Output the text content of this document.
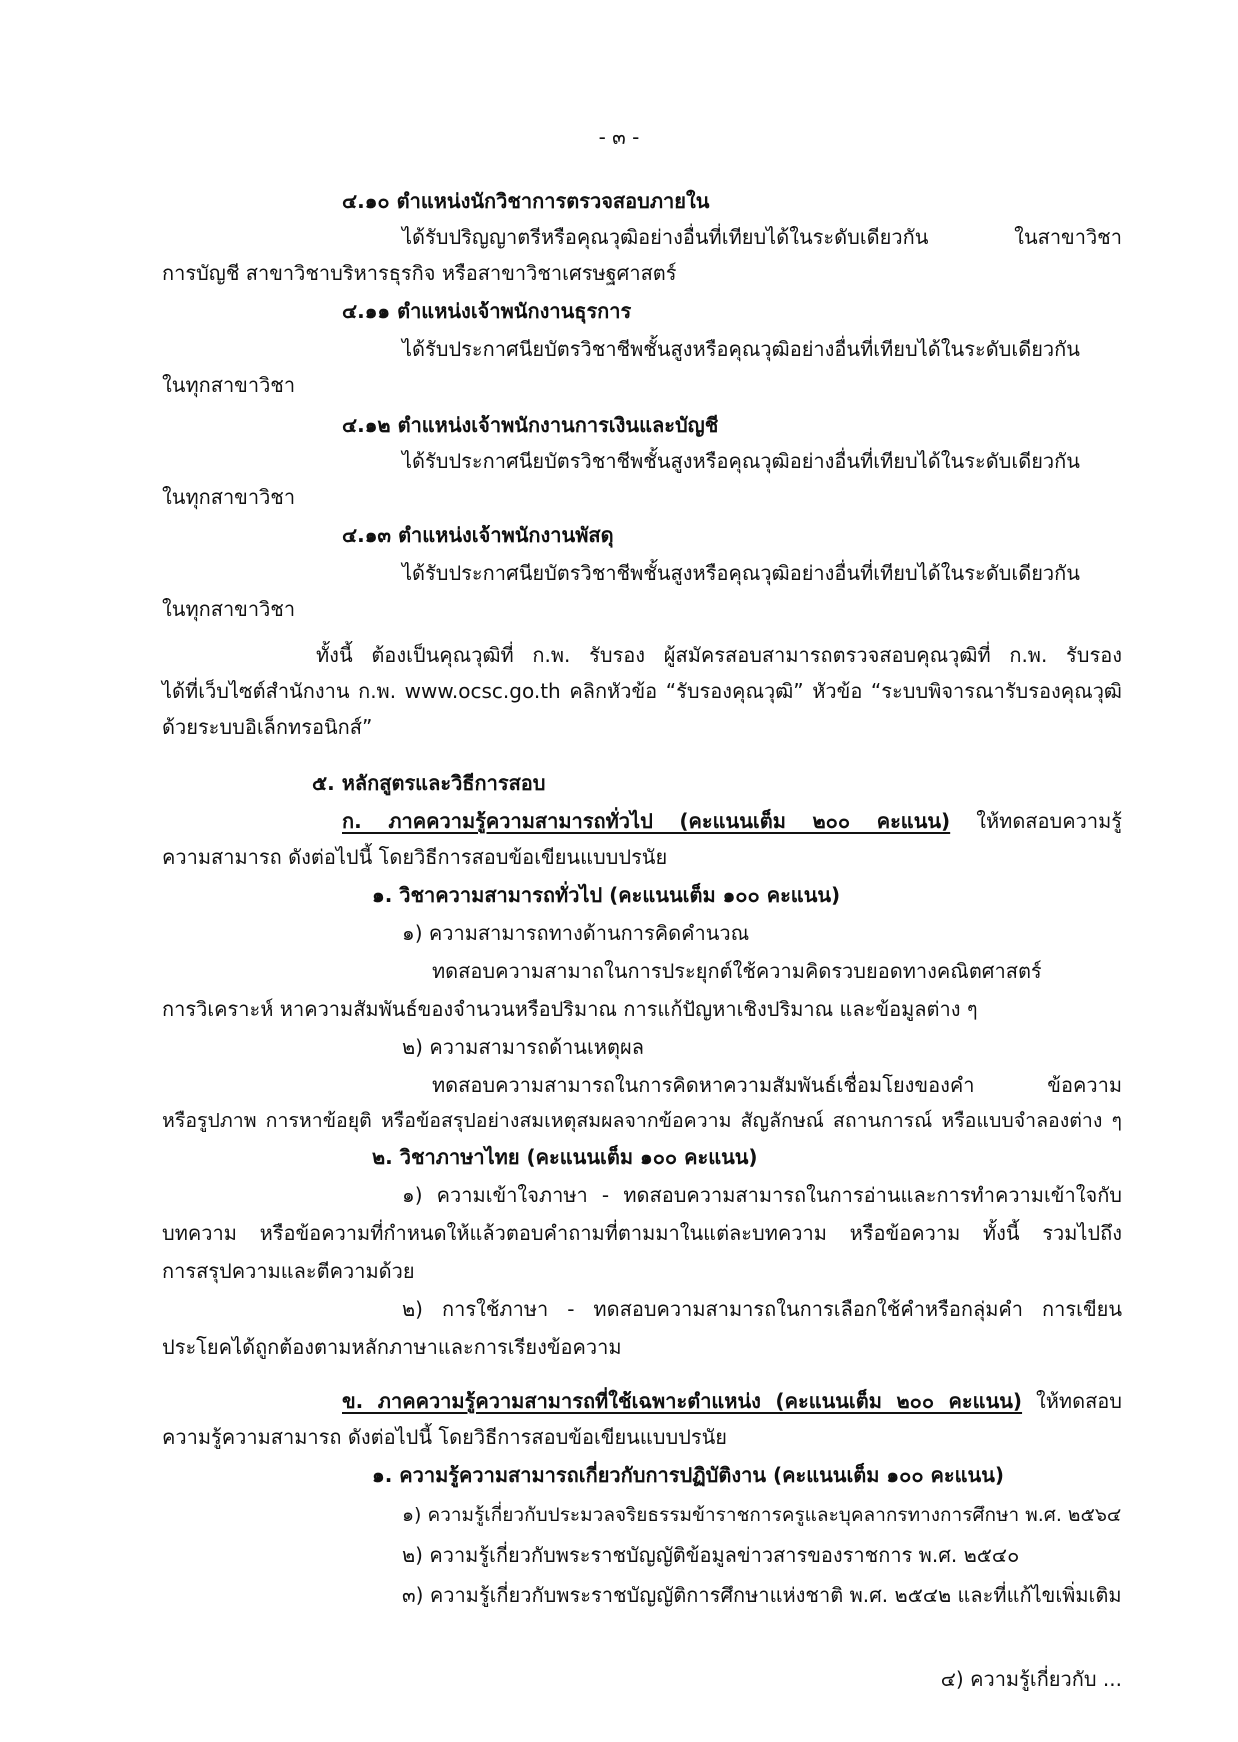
- ๓ -
๔.๑๐ ตำแหน่งนักวิชาการตรวจสอบภายใน
ได้รับปริญญาตรีหรือคุณวุฒิอย่างอื่นที่เทียบได้ในระดับเดียวกัน ในสาขาวิชา
การบัญชี สาขาวิชาบริหารธุรกิจ หรือสาขาวิชาเศรษฐศาสตร์
๔.๑๑ ตำแหน่งเจ้าพนักงานธุรการ
ได้รับประกาศนียบัตรวิชาชีพชั้นสูงหรือคุณวุฒิอย่างอื่นที่เทียบได้ในระดับเดียวกัน
ในทุกสาขาวิชา
๔.๑๒ ตำแหน่งเจ้าพนักงานการเงินและบัญชี
ได้รับประกาศนียบัตรวิชาชีพชั้นสูงหรือคุณวุฒิอย่างอื่นที่เทียบได้ในระดับเดียวกัน
ในทุกสาขาวิชา
๔.๑๓ ตำแหน่งเจ้าพนักงานพัสดุ
ได้รับประกาศนียบัตรวิชาชีพชั้นสูงหรือคุณวุฒิอย่างอื่นที่เทียบได้ในระดับเดียวกัน
ในทุกสาขาวิชา
ทั้งนี้ ต้องเป็นคุณวุฒิที่ ก.พ. รับรอง ผู้สมัครสอบสามารถตรวจสอบคุณวุฒิที่ ก.พ. รับรอง
ได้ที่เว็บไซต์สำนักงาน ก.พ. www.ocsc.go.th คลิกหัวข้อ “รับรองคุณวุฒิ” หัวข้อ “ระบบพิจารณารับรองคุณวุฒิ
ด้วยระบบอิเล็กทรอนิกส์”
๕. หลักสูตรและวิธีการสอบ
ก. ภาคความรู้ความสามารถทั่วไป (คะแนนเต็ม ๒๐๐ คะแนน) ให้ทดสอบความรู้
ความสามารถ ดังต่อไปนี้ โดยวิธีการสอบข้อเขียนแบบปรนัย
๑. วิชาความสามารถทั่วไป (คะแนนเต็ม ๑๐๐ คะแนน)
๑) ความสามารถทางด้านการคิดคำนวณ
ทดสอบความสามาถในการประยุกต์ใช้ความคิดรวบยอดทางคณิตศาสตร์
การวิเคราะห์ หาความสัมพันธ์ของจำนวนหรือปริมาณ การแก้ปัญหาเชิงปริมาณ และข้อมูลต่าง ๆ
๒) ความสามารถด้านเหตุผล
ทดสอบความสามารถในการคิดหาความสัมพันธ์เชื่อมโยงของคำ ข้อความ
หรือรูปภาพ การหาข้อยุติ หรือข้อสรุปอย่างสมเหตุสมผลจากข้อความ สัญลักษณ์ สถานการณ์ หรือแบบจำลองต่าง ๆ
๒. วิชาภาษาไทย (คะแนนเต็ม ๑๐๐ คะแนน)
๑) ความเข้าใจภาษา - ทดสอบความสามารถในการอ่านและการทำความเข้าใจกับ
บทความ หรือข้อความที่กำหนดให้แล้วตอบคำถามที่ตามมาในแต่ละบทความ หรือข้อความ ทั้งนี้ รวมไปถึง
การสรุปความและตีความด้วย
๒) การใช้ภาษา - ทดสอบความสามารถในการเลือกใช้คำหรือกลุ่มคำ การเขียน
ประโยคได้ถูกต้องตามหลักภาษาและการเรียงข้อความ
ข. ภาคความรู้ความสามารถที่ใช้เฉพาะตำแหน่ง (คะแนนเต็ม ๒๐๐ คะแนน) ให้ทดสอบ
ความรู้ความสามารถ ดังต่อไปนี้ โดยวิธีการสอบข้อเขียนแบบปรนัย
๑. ความรู้ความสามารถเกี่ยวกับการปฏิบัติงาน (คะแนนเต็ม ๑๐๐ คะแนน)
๑) ความรู้เกี่ยวกับประมวลจริยธรรมข้าราชการครูและบุคลากรทางการศึกษา พ.ศ. ๒๕๖๔
๒) ความรู้เกี่ยวกับพระราชบัญญัติข้อมูลข่าวสารของราชการ พ.ศ. ๒๕๔๐
๓) ความรู้เกี่ยวกับพระราชบัญญัติการศึกษาแห่งชาติ พ.ศ. ๒๕๔๒ และที่แก้ไขเพิ่มเติม
๔) ความรู้เกี่ยวกับ ...
